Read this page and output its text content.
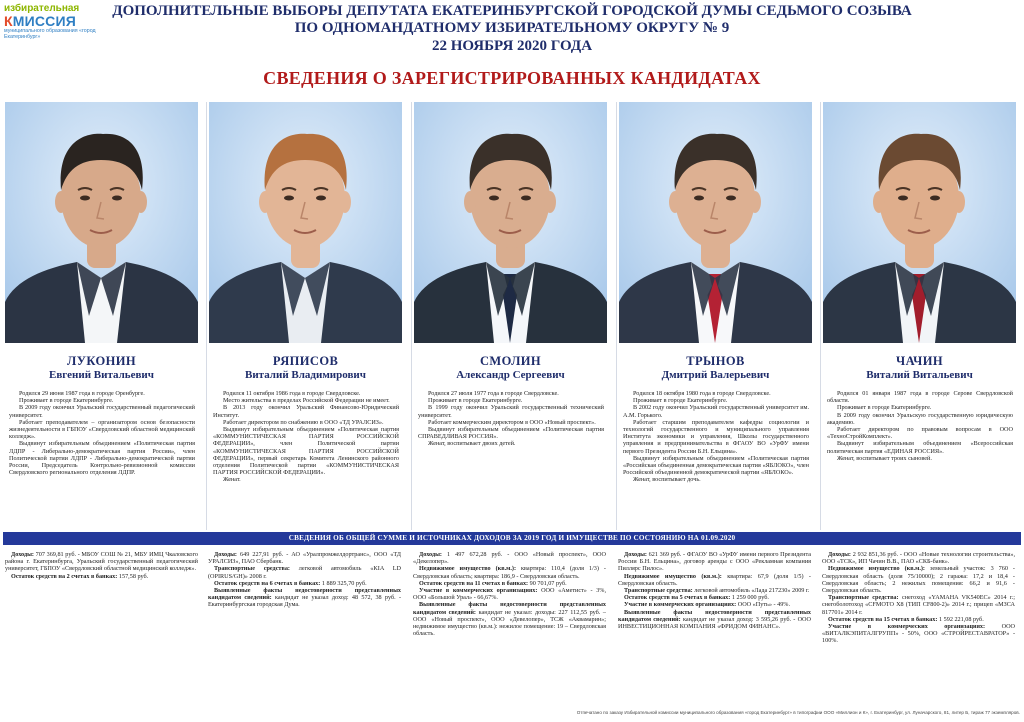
избирательная
КМИССИЯ
муниципального образования «город Екатеринбург»
ДОПОЛНИТЕЛЬНЫЕ ВЫБОРЫ ДЕПУТАТА ЕКАТЕРИНБУРГСКОЙ ГОРОДСКОЙ ДУМЫ СЕДЬМОГО СОЗЫВА
ПО ОДНОМАНДАТНОМУ ИЗБИРАТЕЛЬНОМУ ОКРУГУ № 9
22 НОЯБРЯ 2020 ГОДА
СВЕДЕНИЯ О ЗАРЕГИСТРИРОВАННЫХ КАНДИДАТАХ
ЛУКОНИН
Евгений Витальевич

Родился 29 июня 1987 года в городе Оренбурге.

Проживает в городе Екатеринбурге.

В 2009 году окончил Уральский государственный педагогический университет.

Работает преподавателем – организатором основ безопасности жизнедеятельности в ГБПОУ «Свердловский областной медицинский колледж».

Выдвинут избирательным объединением «Политическая партия ЛДПР - Либерально-демократическая партия России», член Политической партии ЛДПР - Либерально-демократической партии России, Председатель Контрольно-ревизионной комиссии Свердловского регионального отделения ЛДПР.

РЯПИСОВ
Виталий Владимирович

Родился 11 октября 1986 года в городе Свердловске.

Место жительства в пределах Российской Федерации не имеет.

В 2013 году окончил Уральский Финансово-Юридический Институт.

Работает директором по снабжению в ООО «ТД УРАЛСИЗ».

Выдвинут избирательным объединением «Политическая партия «КОММУНИСТИЧЕСКАЯ ПАРТИЯ РОССИЙСКОЙ ФЕДЕРАЦИИ», член Политической партии «КОММУНИСТИЧЕСКАЯ ПАРТИЯ РОССИЙСКОЙ ФЕДЕРАЦИИ», первый секретарь Комитета Ленинского районного отделения Политической партии «КОММУНИСТИЧЕСКАЯ ПАРТИЯ РОССИЙСКОЙ ФЕДЕРАЦИИ».

Женат.

СМОЛИН
Александр Сергеевич

Родился 27 июля 1977 года в городе Свердловске.

Проживает в городе Екатеринбурге.

В 1999 году окончил Уральский государственный технический университет.

Работает коммерческим директором в ООО «Новый проспект».

Выдвинут избирательным объединением «Политическая партия СПРАВЕДЛИВАЯ РОССИЯ».

Женат, воспитывает двоих детей.

ТРЫНОВ
Дмитрий Валерьевич

Родился 18 октября 1980 года в городе Свердловске.

Проживает в городе Екатеринбурге.

В 2002 году окончил Уральский государственный университет им. А.М. Горького.

Работает старшим преподавателем кафедры социологии и технологий государственного и муниципального управления Института экономики и управления, Школы государственного управления и предпринимательства в ФГАОУ ВО «УрФУ имени первого Президента России Б.Н. Ельцина».

Выдвинут избирательным объединением «Политическая партия «Российская объединенная демократическая партия «ЯБЛОКО», член Российской объединенной демократической партии «ЯБЛОКО».

Женат, воспитывает дочь.

ЧАЧИН
Виталий Витальевич

Родился 01 января 1987 года в городе Серове Свердловской области.

Проживает в городе Екатеринбурге.

В 2009 году окончил Уральскую государственную юридическую академию.

Работает директором по правовым вопросам в ООО «ТехноСтройКомплект».

Выдвинут избирательным объединением «Всероссийская политическая партия «ЕДИНАЯ РОССИЯ».

Женат, воспитывает троих сыновей.

СВЕДЕНИЯ ОБ ОБЩЕЙ СУММЕ И ИСТОЧНИКАХ ДОХОДОВ ЗА 2019 ГОД И ИМУЩЕСТВЕ ПО СОСТОЯНИЮ НА 01.09.2020

Доходы: 707 369,81 руб. - МБОУ СОШ № 21, МБУ ИМЦ Чкаловского района г. Екатеринбурга, Уральский государственный педагогический университет, ГБПОУ «Свердловский областной медицинский колледж».

Остаток средств на 2 счетах в банках: 157,58 руб.

Доходы: 649 227,91 руб. - АО «Уралпромжелдортранс», ООО «ТД УРАЛСИЗ», ПАО Сбербанк.

Транспортные средства: легковой автомобиль «KIA LD (OPIRUS/GH)» 2008 г.

Остаток средств на 6 счетах в банках: 1 889 325,70 руб.

Выявленные факты недостоверности представленных кандидатом сведений: кандидат не указал доход: 48 572, 38 руб. - Екатеринбургская городская Дума.

Доходы: 1 497 672,28 руб. - ООО «Новый проспект», ООО «Декелопер».

Недвижимое имущество (кв.м.): квартира: 110,4 (доля 1/3) - Свердловская область; квартира: 186,9 - Свердловская область.

Остаток средств на 11 счетах в банках: 90 701,07 руб.

Участие в коммерческих организациях: ООО «Аметист» - 3%, ООО «Большой Урал» - 66,67%.

Выявленные факты недостоверности представленных кандидатом сведений: кандидат не указал: доходы: 227 112,55 руб. – ООО «Новый проспект», ООО «Девелопер», ТСЖ «Аквамарин»; недвижимое имущество (кв.м.): нежилое помещение: 19 – Свердловская область.

Доходы: 621 369 руб. - ФГАОУ ВО «УрФУ имени первого Президента России Б.Н. Ельцина», договор аренды с ООО «Рекламная компания Пиллярс Пилос».

Недвижимое имущество (кв.м.): квартира: 67,9 (доля 1/5) - Свердловская область.

Транспортные средства: легковой автомобиль «Лада 217230» 2009 г.

Остаток средств на 5 счетах в банках: 1 259 000 руб.

Участие в коммерческих организациях: ООО «Путь» - 49%.

Выявленные факты недостоверности представленных кандидатом сведений: кандидат не указал доход: 3 595,26 руб. - ООО ИНВЕСТИЦИОННАЯ КОМПАНИЯ «ФРИДОМ ФИНАНС».

Доходы: 2 932 851,36 руб. - ООО «Новые технологии строительства», ООО «ТСК», ИП Чачин В.В., ПАО «СКБ-банк».

Недвижимое имущество (кв.м.): земельный участок: 3 760 - Свердловская область (доля 75/10000); 2 гаража: 17,2 и 18,4 - Свердловская область; 2 нежилых помещения: 66,2 и 91,6 - Свердловская область.

Транспортные средства: снегоход «YAMAHA VK540EC» 2014 г.; снегоболотоход «CFMOTO X8 (ТИП CF800-2)» 2014 г.; прицеп «МЗСА 817701» 2014 г.

Остаток средств на 15 счетах в банках: 1 592 221,08 руб.

Участие в коммерческих организациях: ООО «ВИТАЛКЭПИТАЛГРУПП» - 50%, ООО «СТРОЙРЕСТАВРАТОР» - 100%.

Отпечатано по заказу Избирательной комиссии муниципального образования «город Екатеринбург» в типографии ООО «Миллион и К», г. Екатеринбург, ул. Луначарского, 81, литер Б, тираж 77 экземпляров.
